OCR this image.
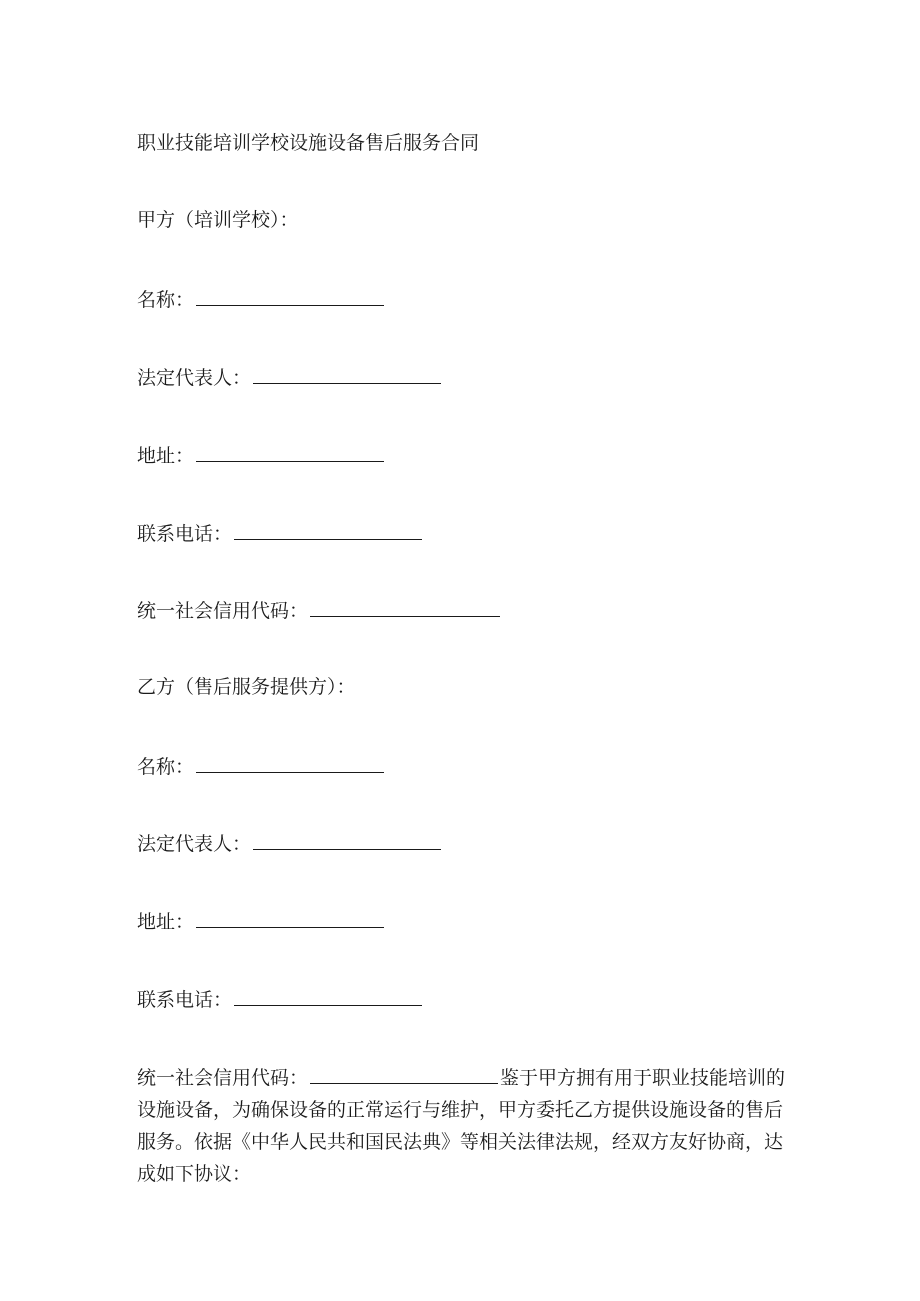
职业技能培训学校设施设备售后服务合同
甲方（培训学校）：
名称：
法定代表人：
地址：
联系电话：
统一社会信用代码：
乙方（售后服务提供方）：
名称：
法定代表人：
地址：
联系电话：
统一社会信用代码：	鉴于甲方拥有用于职业技能培训的设施设备，为确保设备的正常运行与维护，甲方委托乙方提供设施设备的售后服务。依据《中华人民共和国民法典》等相关法律法规，经双方友好协商，达成如下协议：
